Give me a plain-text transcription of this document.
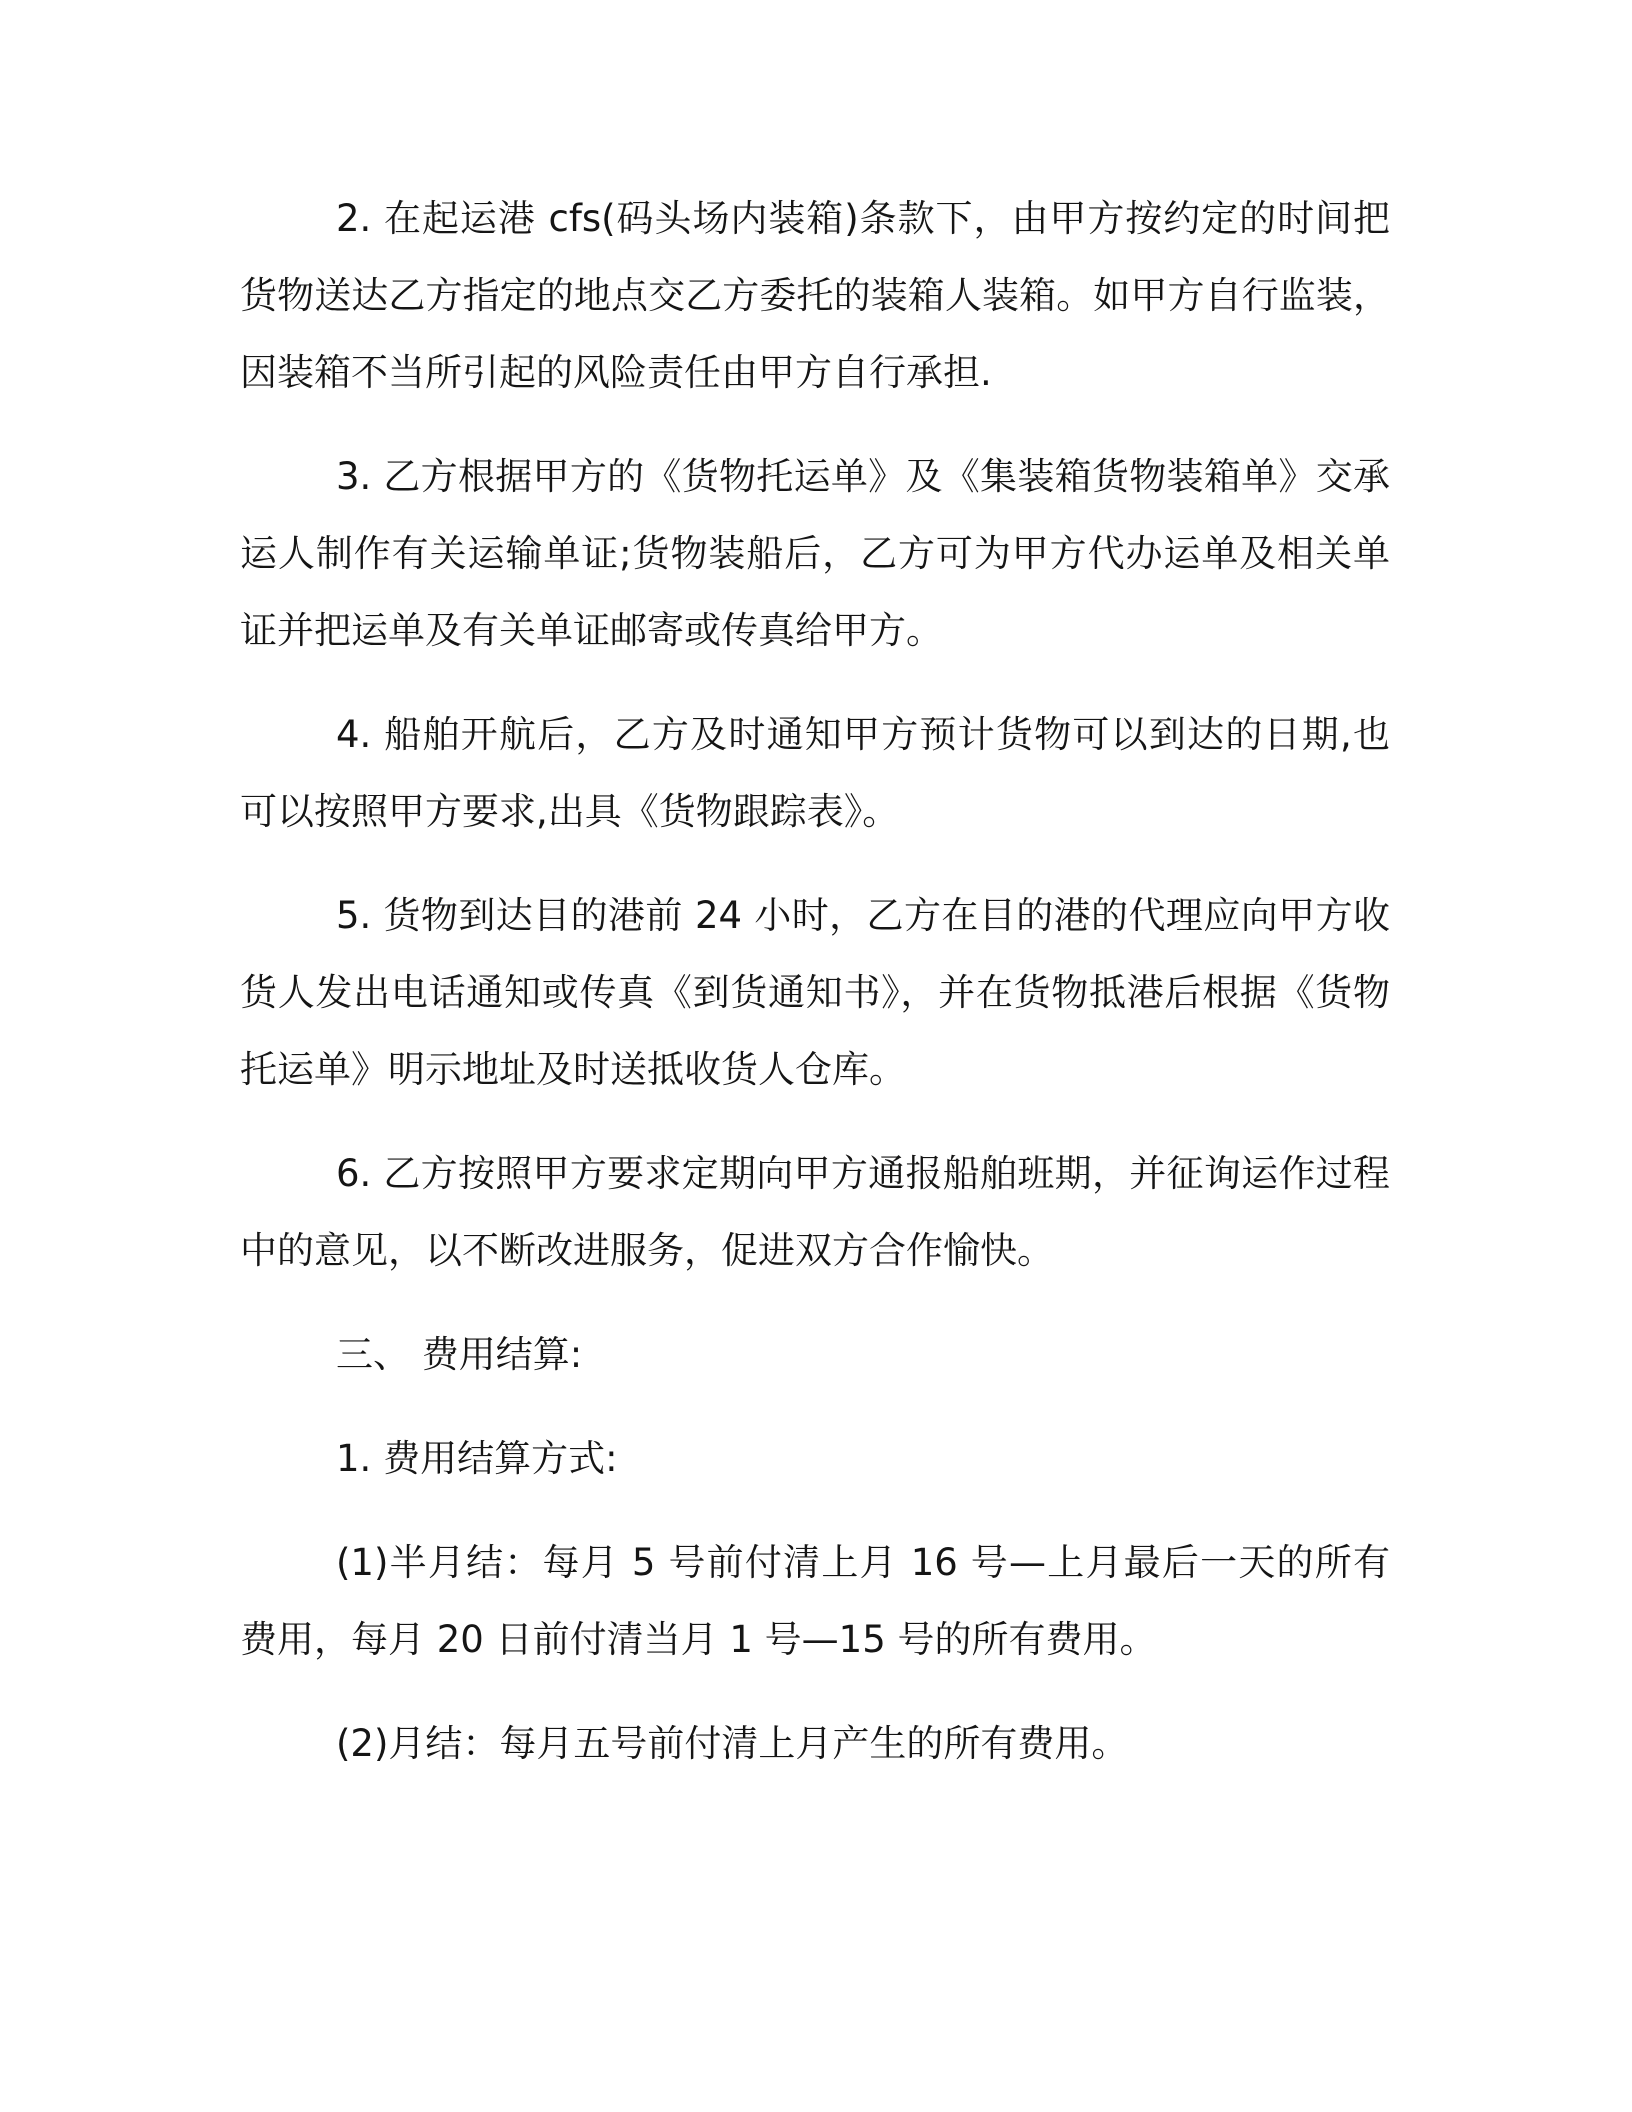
2. 在起运港 cfs(码头场内装箱)条款下，由甲方按约定的时间把货物送达乙方指定的地点交乙方委托的装箱人装箱。如甲方自行监装，因装箱不当所引起的风险责任由甲方自行承担.

3. 乙方根据甲方的《货物托运单》及《集装箱货物装箱单》交承运人制作有关运输单证;货物装船后，乙方可为甲方代办运单及相关单证并把运单及有关单证邮寄或传真给甲方。

4. 船舶开航后，乙方及时通知甲方预计货物可以到达的日期,也可以按照甲方要求,出具《货物跟踪表》。

5. 货物到达目的港前 24 小时，乙方在目的港的代理应向甲方收货人发出电话通知或传真《到货通知书》，并在货物抵港后根据《货物托运单》明示地址及时送抵收货人仓库。

6. 乙方按照甲方要求定期向甲方通报船舶班期，并征询运作过程中的意见，以不断改进服务，促进双方合作愉快。

三、 费用结算:

1. 费用结算方式:

(1)半月结：每月 5 号前付清上月 16 号—上月最后一天的所有费用，每月 20 日前付清当月 1 号—15 号的所有费用。

(2)月结：每月五号前付清上月产生的所有费用。
